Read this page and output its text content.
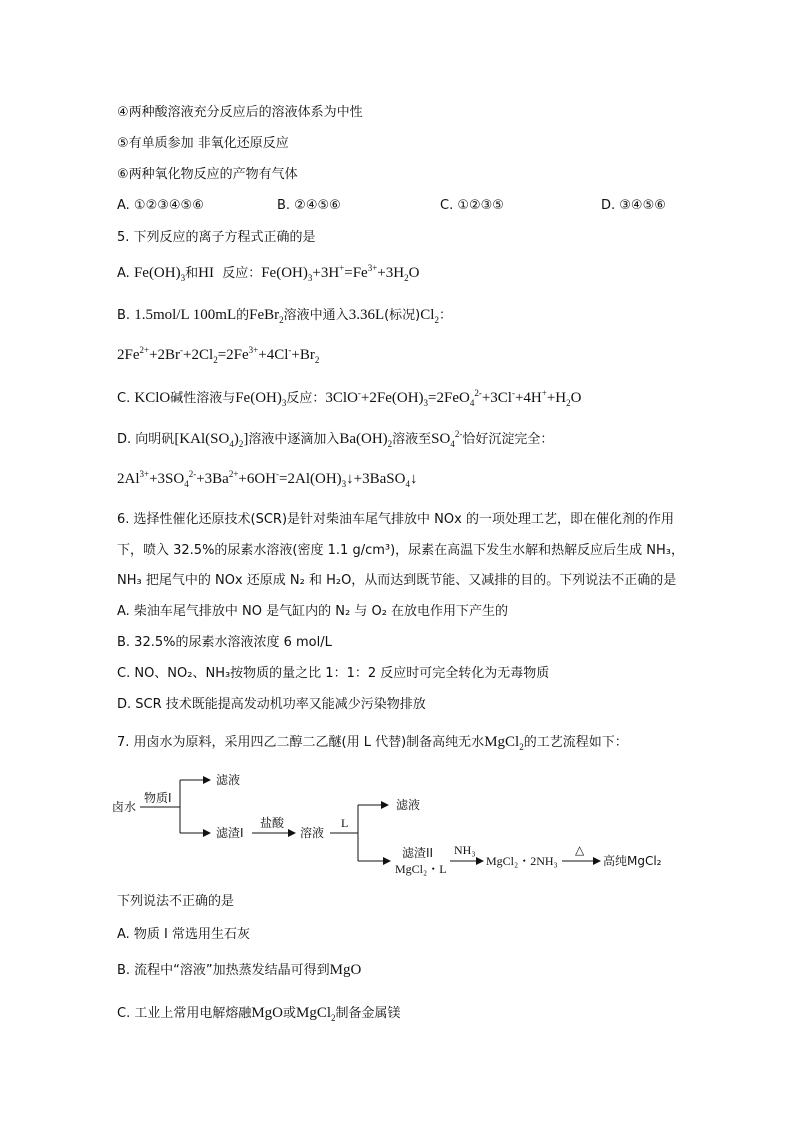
④两种酸溶液充分反应后的溶液体系为中性
⑤有单质参加 非氧化还原反应
⑥两种氧化物反应的产物有气体
A. ①②③④⑤⑥	B. ②④⑤⑥	C. ①②③⑤	D. ③④⑤⑥
5. 下列反应的离子方程式正确的是
A. $Fe(OH)_3$和HI 反应：$Fe(OH)_3+3H^+=Fe^{3+}+3H_2O$
B. 1.5mol/L 100mL的FeBr$_2$溶液中通入3.36L(标况)$Cl_2$：
$2Fe^{2+}+2Br^-+2Cl_2=2Fe^{3+}+4Cl^-+Br_2$
C. KClO碱性溶液与$Fe(OH)_3$反应：$3ClO^-+2Fe(OH)_3=2FeO_4^{2-}+3Cl^-+4H^++H_2O$
D. 向明矾$[KAl(SO_4)_2]$溶液中逐滴加入$Ba(OH)_2$溶液至$SO_4^{2-}$恰好沉淀完全：
$2Al^{3+}+3SO_4^{2-}+3Ba^{2+}+6OH^-=2Al(OH)_3↓+3BaSO_4↓$
6. 选择性催化还原技术(SCR)是针对柴油车尾气排放中 NOx 的一项处理工艺，即在催化剂的作用
下，喷入 32.5%的尿素水溶液(密度 1.1 g/cm³)，尿素在高温下发生水解和热解反应后生成 NH₃，
NH₃ 把尾气中的 NOx 还原成 N₂ 和 H₂O，从而达到既节能、又减排的目的。下列说法不正确的是
A. 柴油车尾气排放中 NO 是气缸内的 N₂ 与 O₂ 在放电作用下产生的
B. 32.5%的尿素水溶液浓度 6 mol/L
C. NO、NO₂、NH₃按物质的量之比 1：1：2 反应时可完全转化为无毒物质
D. SCR 技术既能提高发动机功率又能减少污染物排放
7. 用卤水为原料，采用四乙二醇二乙醚(用 L 代替)制备高纯无水MgCl$_2$的工艺流程如下：
卤水
物质I
滤液
滤渣I
盐酸
溶液
L
滤液
滤渣II
MgCl₂・L
NH₃
MgCl₂・2NH₃
△
高纯MgCl₂
下列说法不正确的是
A. 物质 I 常选用生石灰
B. 流程中“溶液”加热蒸发结晶可得到MgO
C. 工业上常用电解熔融MgO或MgCl$_2$制备金属镁
